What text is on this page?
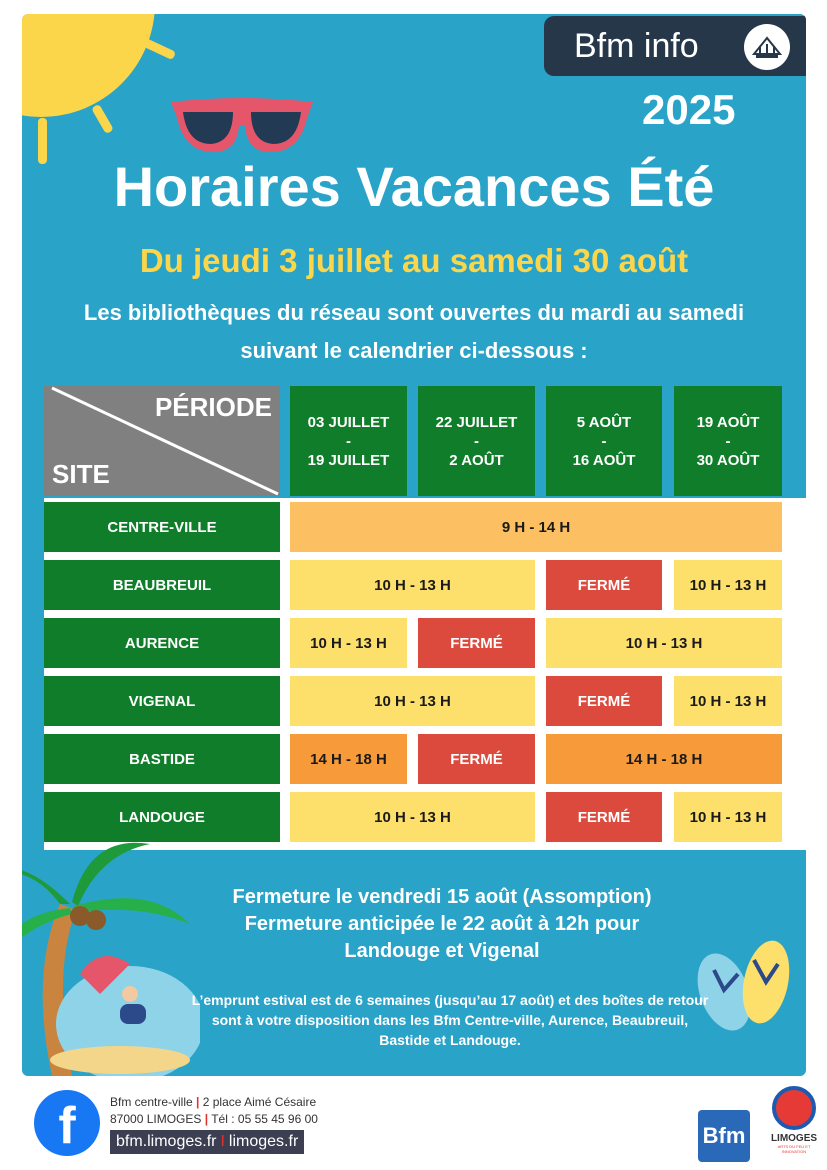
Bfm info
2025
Horaires Vacances Été
Du jeudi 3 juillet au samedi 30 août
Les bibliothèques du réseau sont ouvertes du mardi au samedi suivant le calendrier ci-dessous :
PÉRIODE
SITE
03 JUILLET
-
19 JUILLET
22 JUILLET
-
2 AOÛT
5 AOÛT
-
16 AOÛT
19 AOÛT
-
30 AOÛT
CENTRE-VILLE	9 H - 14 H
BEAUBREUIL	10 H - 13 H	FERMÉ	10 H - 13 H
AURENCE	10 H - 13 H	FERMÉ	10 H - 13 H
VIGENAL	10 H - 13 H	FERMÉ	10 H - 13 H
BASTIDE	14 H - 18 H	FERMÉ	14 H - 18 H
LANDOUGE	10 H - 13 H	FERMÉ	10 H - 13 H
Fermeture le vendredi 15 août (Assomption)
Fermeture anticipée le 22 août à 12h pour
Landouge et Vigenal
L’emprunt estival est de 6 semaines (jusqu’au 17 août) et des boîtes de retour sont à votre disposition dans les Bfm Centre-ville, Aurence, Beaubreuil, Bastide et Landouge.
f	Bfm centre-ville | 2 place Aimé Césaire
87000 LIMOGES | Tél : 05 55 45 96 00
bfm.limoges.fr I limoges.fr	Bfm	LIMOGES
ARTS DU FEU ET INNOVATION
